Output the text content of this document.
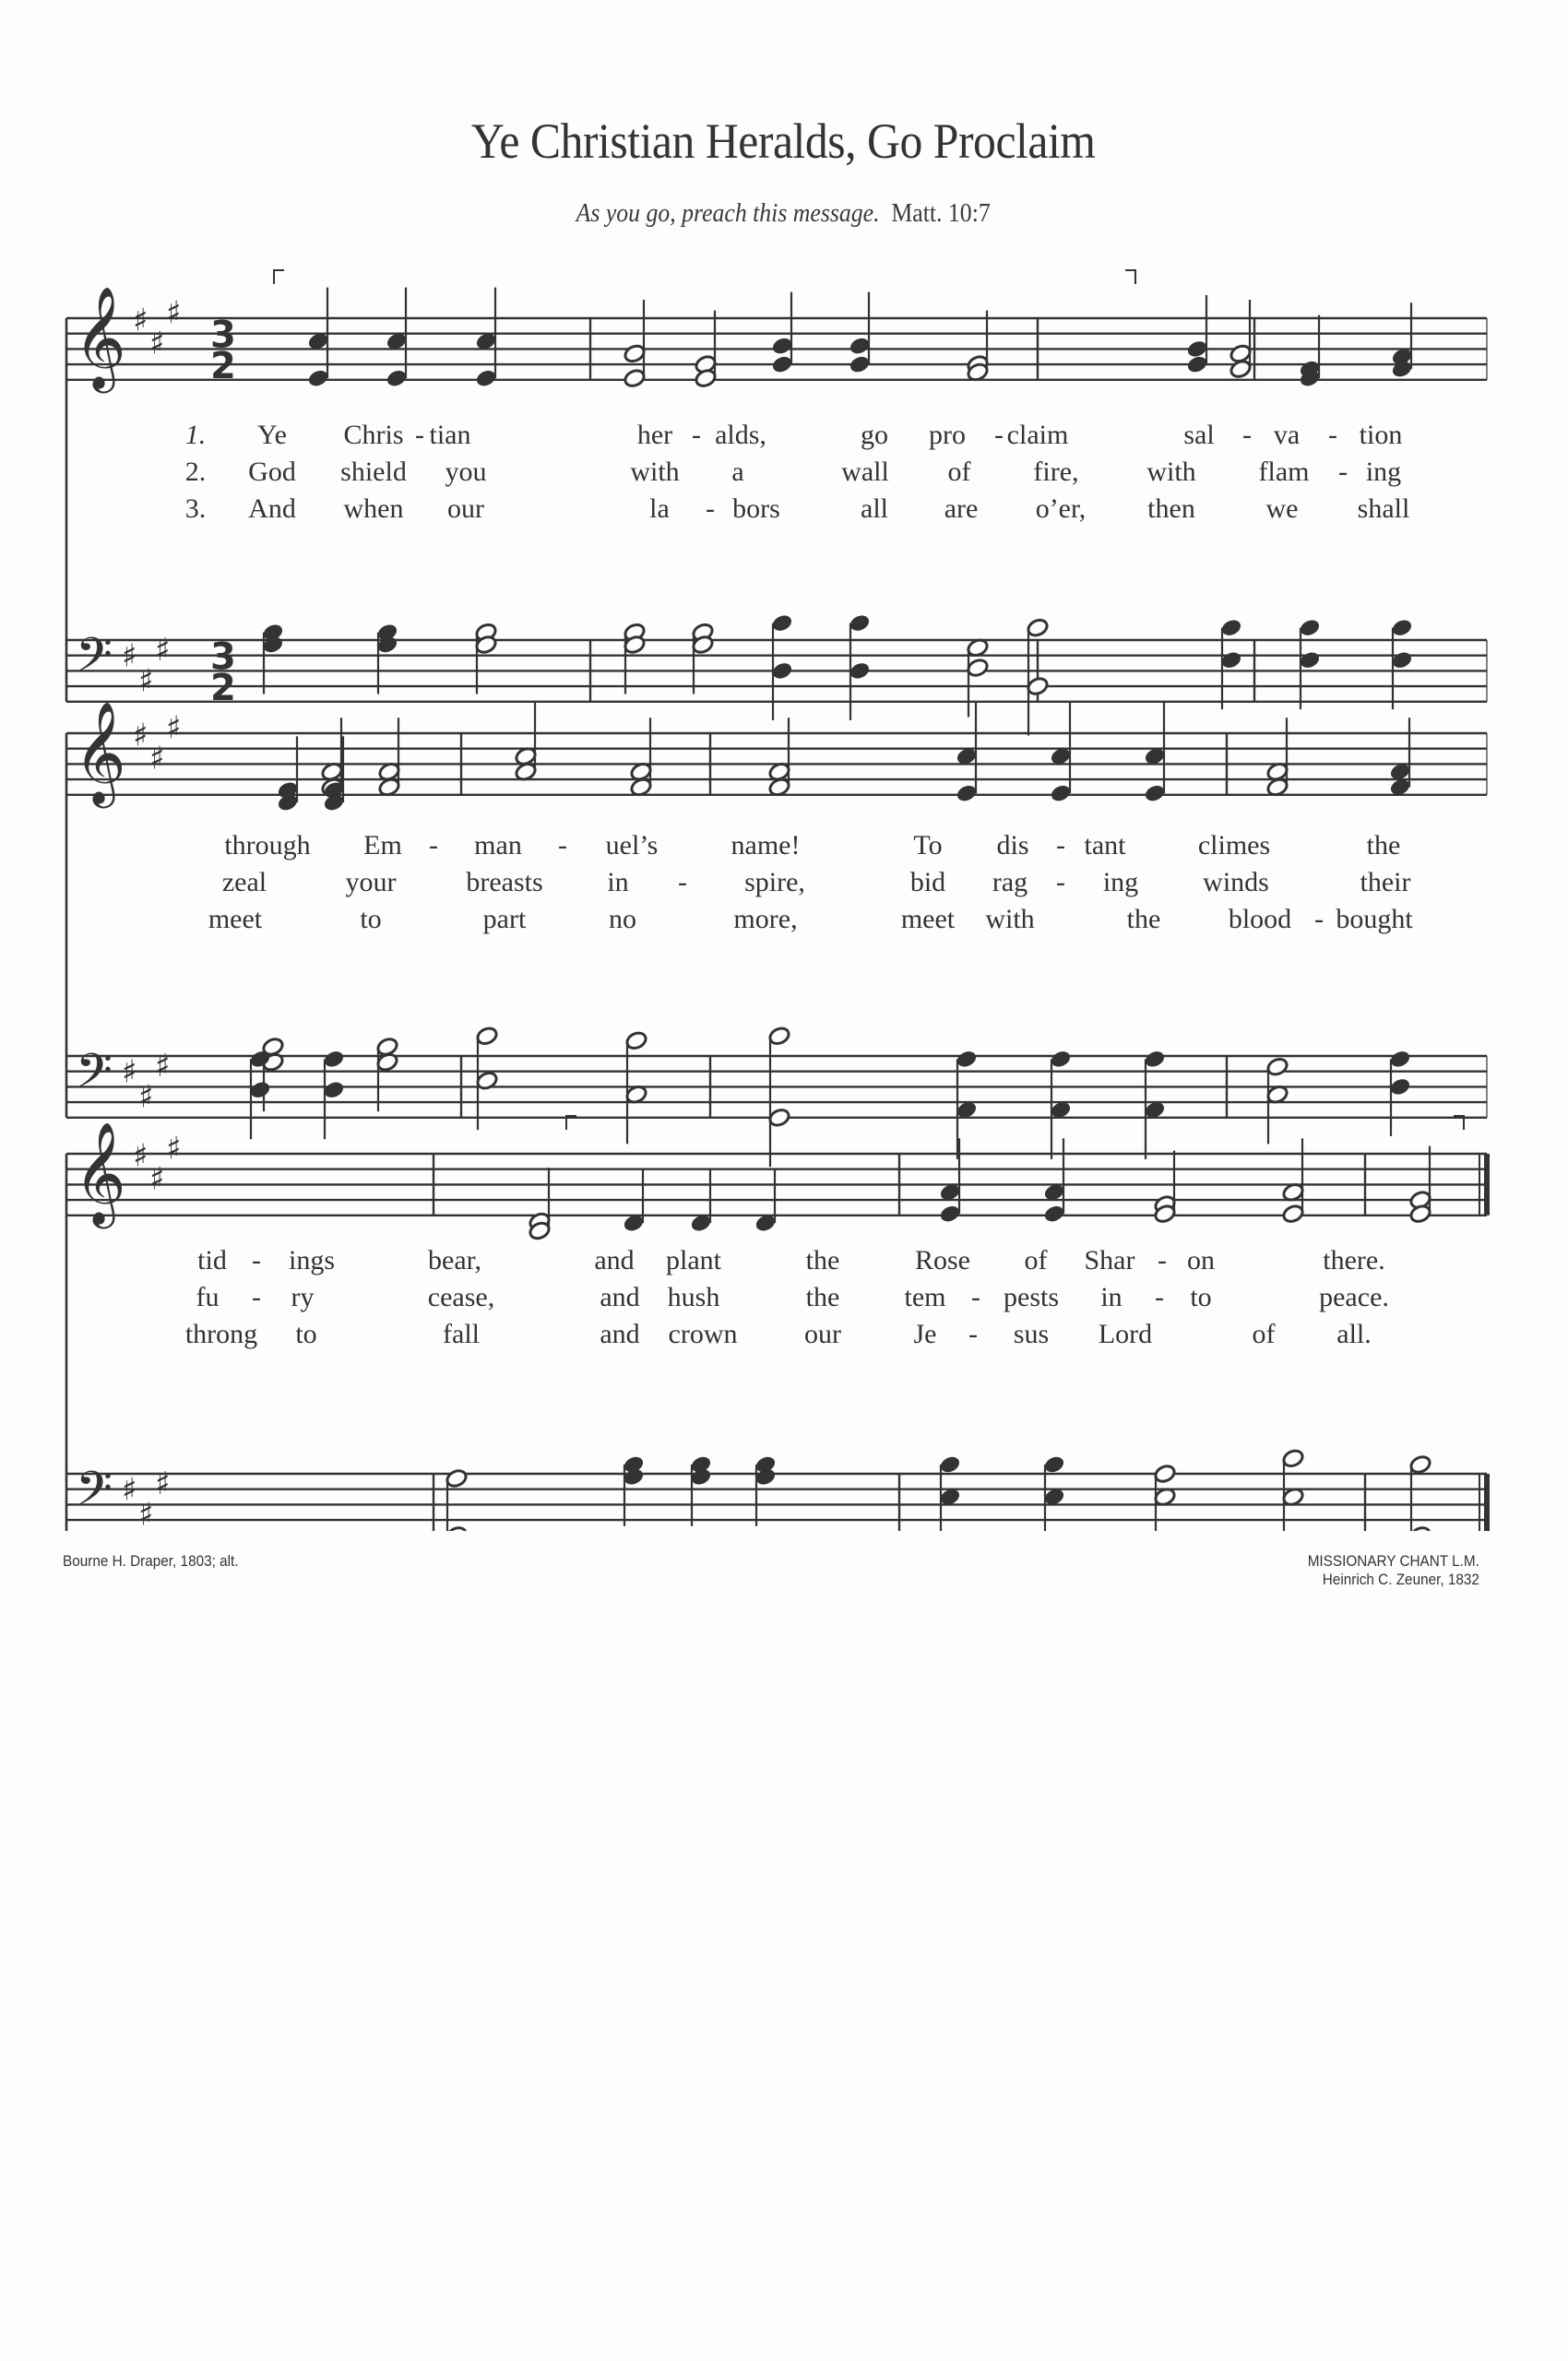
Ye Christian Heralds, Go Proclaim
As you go, preach this message. Matt. 10:7
𝄞
𝄢
♯
♯
♯
♯
♯
♯
3
2
3
2
𝄞
𝄢
♯
♯
♯
♯
♯
♯
𝄞
𝄢
♯
♯
♯
♯
♯
♯
1. Ye Chris - tian	her - alds,	go pro - claim	sal - va - tion
2. God shield you	with a	wall of fire, with flam - ing
3. And when our	la - bors	all are o’er, then	we shall
through Em - man - uel’s	name!	To dis - tant	climes	the
zeal	your	breasts in - spire,	bid rag - ing winds	their
meet	to	part	no	more,	meet with	the blood - bought
tid - ings	bear,	and plant	the	Rose of Shar - on	there.
fu - ry	cease,	and hush	the tem - pests in - to	peace.
throng to	fall	and crown our	Je - sus Lord	of all.
Bourne H. Draper, 1803; alt.	MISSIONARY CHANT L.M.
Heinrich C. Zeuner, 1832
